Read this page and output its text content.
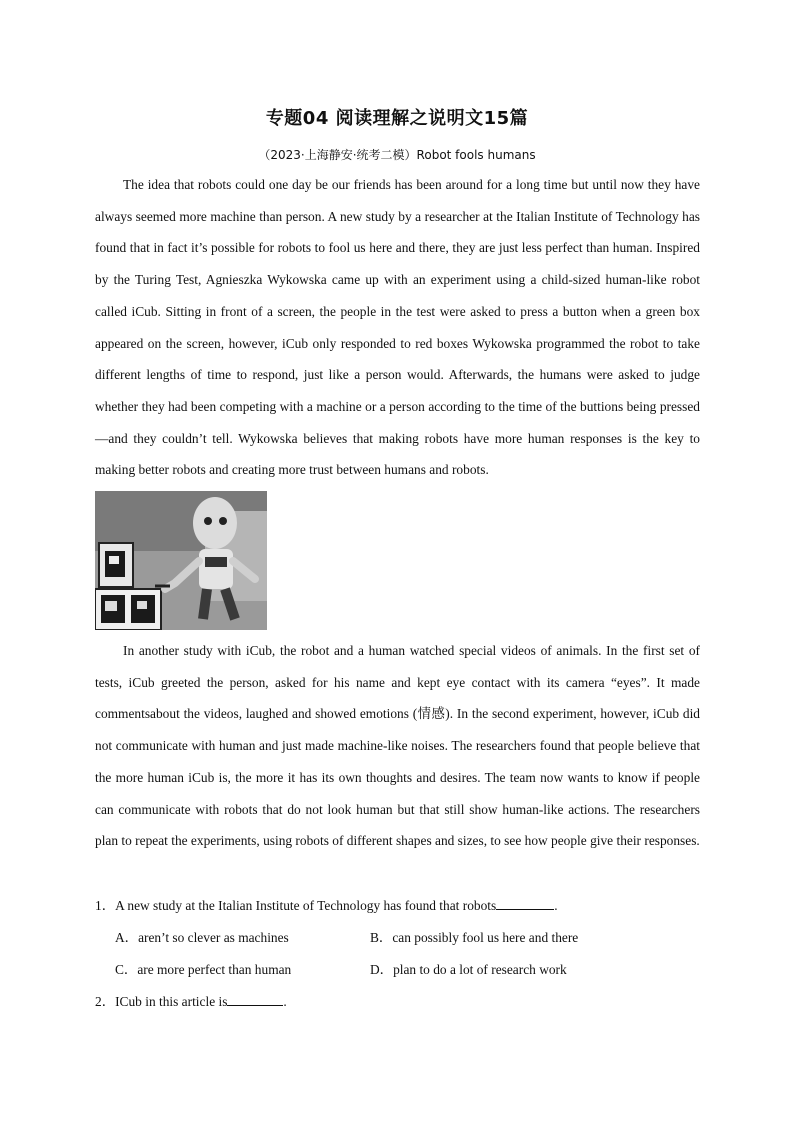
专题04 阅读理解之说明文15篇
（2023·上海静安·统考二模）Robot fools humans

The idea that robots could one day be our friends has been around for a long time but until now they have always seemed more machine than person. A new study by a researcher at the Italian Institute of Technology has found that in fact it’s possible for robots to fool us here and there, they are just less perfect than human. Inspired by the Turing Test, Agnieszka Wykowska came up with an experiment using a child-sized human-like robot called iCub. Sitting in front of a screen, the people in the test were asked to press a button when a green box appeared on the screen, however, iCub only responded to red boxes Wykowska programmed the robot to take different lengths of time to respond, just like a person would. Afterwards, the humans were asked to judge whether they had been competing with a machine or a person according to the time of the buttions being pressed—and they couldn’t tell. Wykowska believes that making robots have more human responses is the key to making better robots and creating more trust between humans and robots.

In another study with iCub, the robot and a human watched special videos of animals. In the first set of tests, iCub greeted the person, asked for his name and kept eye contact with its camera “eyes”. It made commentsabout the videos, laughed and showed emotions (情感). In the second experiment, however, iCub did not communicate with human and just made machine-like noises. The researchers found that people believe that the more human iCub is, the more it has its own thoughts and desires. The team now wants to know if people can communicate with robots that do not look human but that still show human-like actions. The researchers plan to repeat the experiments, using robots of different shapes and sizes, to see how people give their responses.

1．A new study at the Italian Institute of Technology has found that robots	.
A．aren’t so clever as machines	B．can possibly fool us here and there
C．are more perfect than human	D．plan to do a lot of research work
2．ICub in this article is	.
